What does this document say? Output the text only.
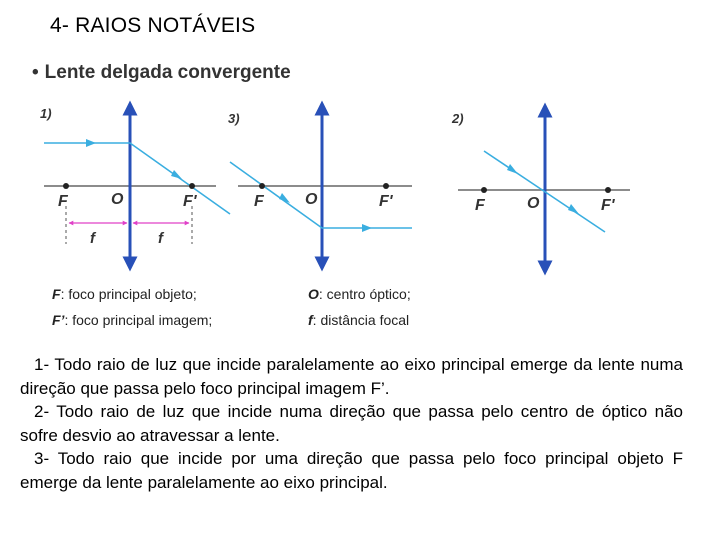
4- RAIOS NOTÁVEIS
• Lente delgada convergente
1)
F	O	F'
f	f
3)
F	O	F'
2)
F	O	F'
F: foco principal objeto;
F’: foco principal imagem;
O: centro óptico;
f: distância focal

1- Todo raio de luz que incide paralelamente ao eixo principal emerge da lente numa direção que passa pelo foco principal imagem F’.

2- Todo raio de luz que incide numa direção que passa pelo centro de óptico não sofre desvio ao atravessar a lente.

3- Todo raio que incide por uma direção que passa pelo foco principal objeto F emerge da lente paralelamente ao eixo principal.
